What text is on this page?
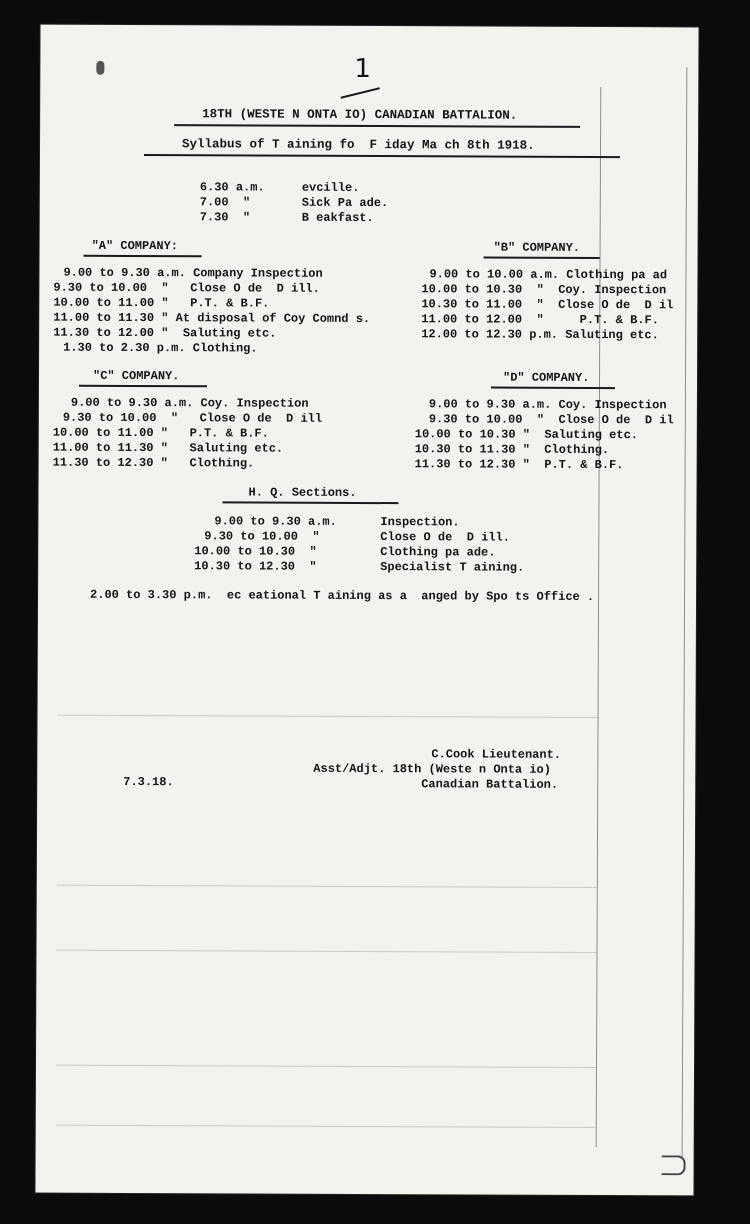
1
18TH (WESTE N ONTA IO) CANADIAN BATTALION.
Syllabus of T aining fo  F iday Ma ch 8th 1918.
6.30 a.m.	evcille.
7.00  "	Sick Pa ade.
7.30  "	B eakfast.
"A" COMPANY:
9.00 to 9.30 a.m. Company Inspection
9.30 to 10.00  "   Close O de  D ill.
10.00 to 11.00 "   P.T. & B.F.
11.00 to 11.30 " At disposal of Coy Comnd s.
11.30 to 12.00 "  Saluting etc.
1.30 to 2.30 p.m. Clothing.
"B" COMPANY.
9.00 to 10.00 a.m. Clothing pa ad
10.00 to 10.30  "  Coy. Inspection
10.30 to 11.00  "  Close O de  D il
11.00 to 12.00  "     P.T. & B.F.
12.00 to 12.30 p.m. Saluting etc.
"C" COMPANY.
9.00 to 9.30 a.m. Coy. Inspection
9.30 to 10.00  "   Close O de  D ill
10.00 to 11.00 "   P.T. & B.F.
11.00 to 11.30 "   Saluting etc.
11.30 to 12.30 "   Clothing.
"D" COMPANY.
9.00 to 9.30 a.m. Coy. Inspection
9.30 to 10.00  "  Close O de  D il
10.00 to 10.30 "  Saluting etc.
10.30 to 11.30 "  Clothing.
11.30 to 12.30 "  P.T. & B.F.
H. Q. Sections.
9.00 to 9.30 a.m.	Inspection.
9.30 to 10.00  "	Close O de  D ill.
10.00 to 10.30  "	Clothing pa ade.
10.30 to 12.30  "	Specialist T aining.
2.00 to 3.30 p.m.  ec eational T aining as a  anged by Spo ts Office .
C.Cook Lieutenant.
Asst/Adjt. 18th (Weste n Onta io)
Canadian Battalion.
7.3.18.
